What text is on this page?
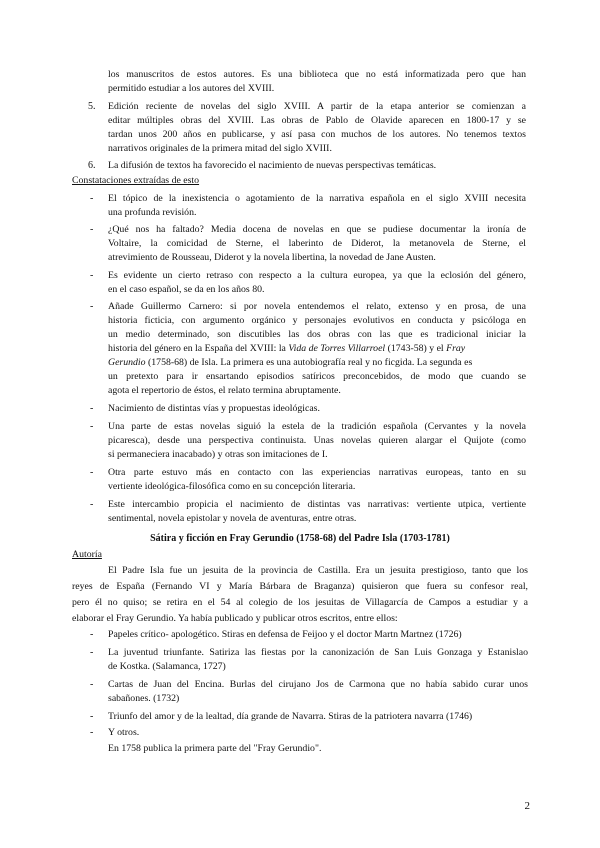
los manuscritos de estos autores. Es una biblioteca que no está informatizada pero que han
permitido estudiar a los autores del XVIII.
5. Edición reciente de novelas del siglo XVIII. A partir de la etapa anterior se comienzan a
editar múltiples obras del XVIII. Las obras de Pablo de Olavide aparecen en 1800-17 y se
tardan unos 200 años en publicarse, y así pasa con muchos de los autores. No tenemos textos
narrativos originales de la primera mitad del siglo XVIII.
6. La difusión de textos ha favorecido el nacimiento de nuevas perspectivas temáticas.
Constataciones extraídas de esto
- El tópico de la inexistencia o agotamiento de la narrativa española en el siglo XVIII necesita
una profunda revisión.
- ¿Qué nos ha faltado? Media docena de novelas en que se pudiese documentar la ironía de
Voltaire, la comicidad de Sterne, el laberinto de Diderot, la metanovela de Sterne, el
atrevimiento de Rousseau, Diderot y la novela libertina, la novedad de Jane Austen.
- Es evidente un cierto retraso con respecto a la cultura europea, ya que la eclosión del género,
en el caso español, se da en los años 80.
- Añade Guillermo Carnero: si por novela entendemos el relato, extenso y en prosa, de una
historia ficticia, con argumento orgánico y personajes evolutivos en conducta y psicóloga en
un medio determinado, son discutibles las dos obras con las que es tradicional iniciar la
historia del género en la España del XVIII: la Vida de Torres Villarroel (1743-58) y el Fray
Gerundio (1758-68) de Isla. La primera es una autobiografía real y no ficgida. La segunda es
un pretexto para ir ensartando episodios satíricos preconcebidos, de modo que cuando se
agota el repertorio de éstos, el relato termina abruptamente.
- Nacimiento de distintas vías y propuestas ideológicas.
- Una parte de estas novelas siguió la estela de la tradición española (Cervantes y la novela
picaresca), desde una perspectiva continuista. Unas novelas quieren alargar el Quijote (como
si permaneciera inacabado) y otras son imitaciones de I.
- Otra parte estuvo más en contacto con las experiencias narrativas europeas, tanto en su
vertiente ideológica-filosófica como en su concepción literaria.
- Este intercambio propicia el nacimiento de distintas vas narrativas: vertiente utpica, vertiente
sentimental, novela epistolar y novela de aventuras, entre otras.
Sátira y ficción en Fray Gerundio (1758-68) del Padre Isla (1703-1781)
Autoría
El Padre Isla fue un jesuita de la provincia de Castilla. Era un jesuita prestigioso, tanto que los
reyes de España (Fernando VI y María Bárbara de Braganza) quisieron que fuera su confesor real,
pero él no quiso; se retira en el 54 al colegio de los jesuitas de Villagarcía de Campos a estudiar y a
elaborar el Fray Gerundio. Ya había publicado y publicar otros escritos, entre ellos:
- Papeles crítico- apologético. Stiras en defensa de Feijoo y el doctor Martn Martnez (1726)
- La juventud triunfante. Satiriza las fiestas por la canonización de San Luis Gonzaga y Estanislao
de Kostka. (Salamanca, 1727)
- Cartas de Juan del Encina. Burlas del cirujano Jos de Carmona que no había sabido curar unos
sabañones. (1732)
- Triunfo del amor y de la lealtad, día grande de Navarra. Stiras de la patriotera navarra (1746)
- Y otros.
En 1758 publica la primera parte del "Fray Gerundio".
2
